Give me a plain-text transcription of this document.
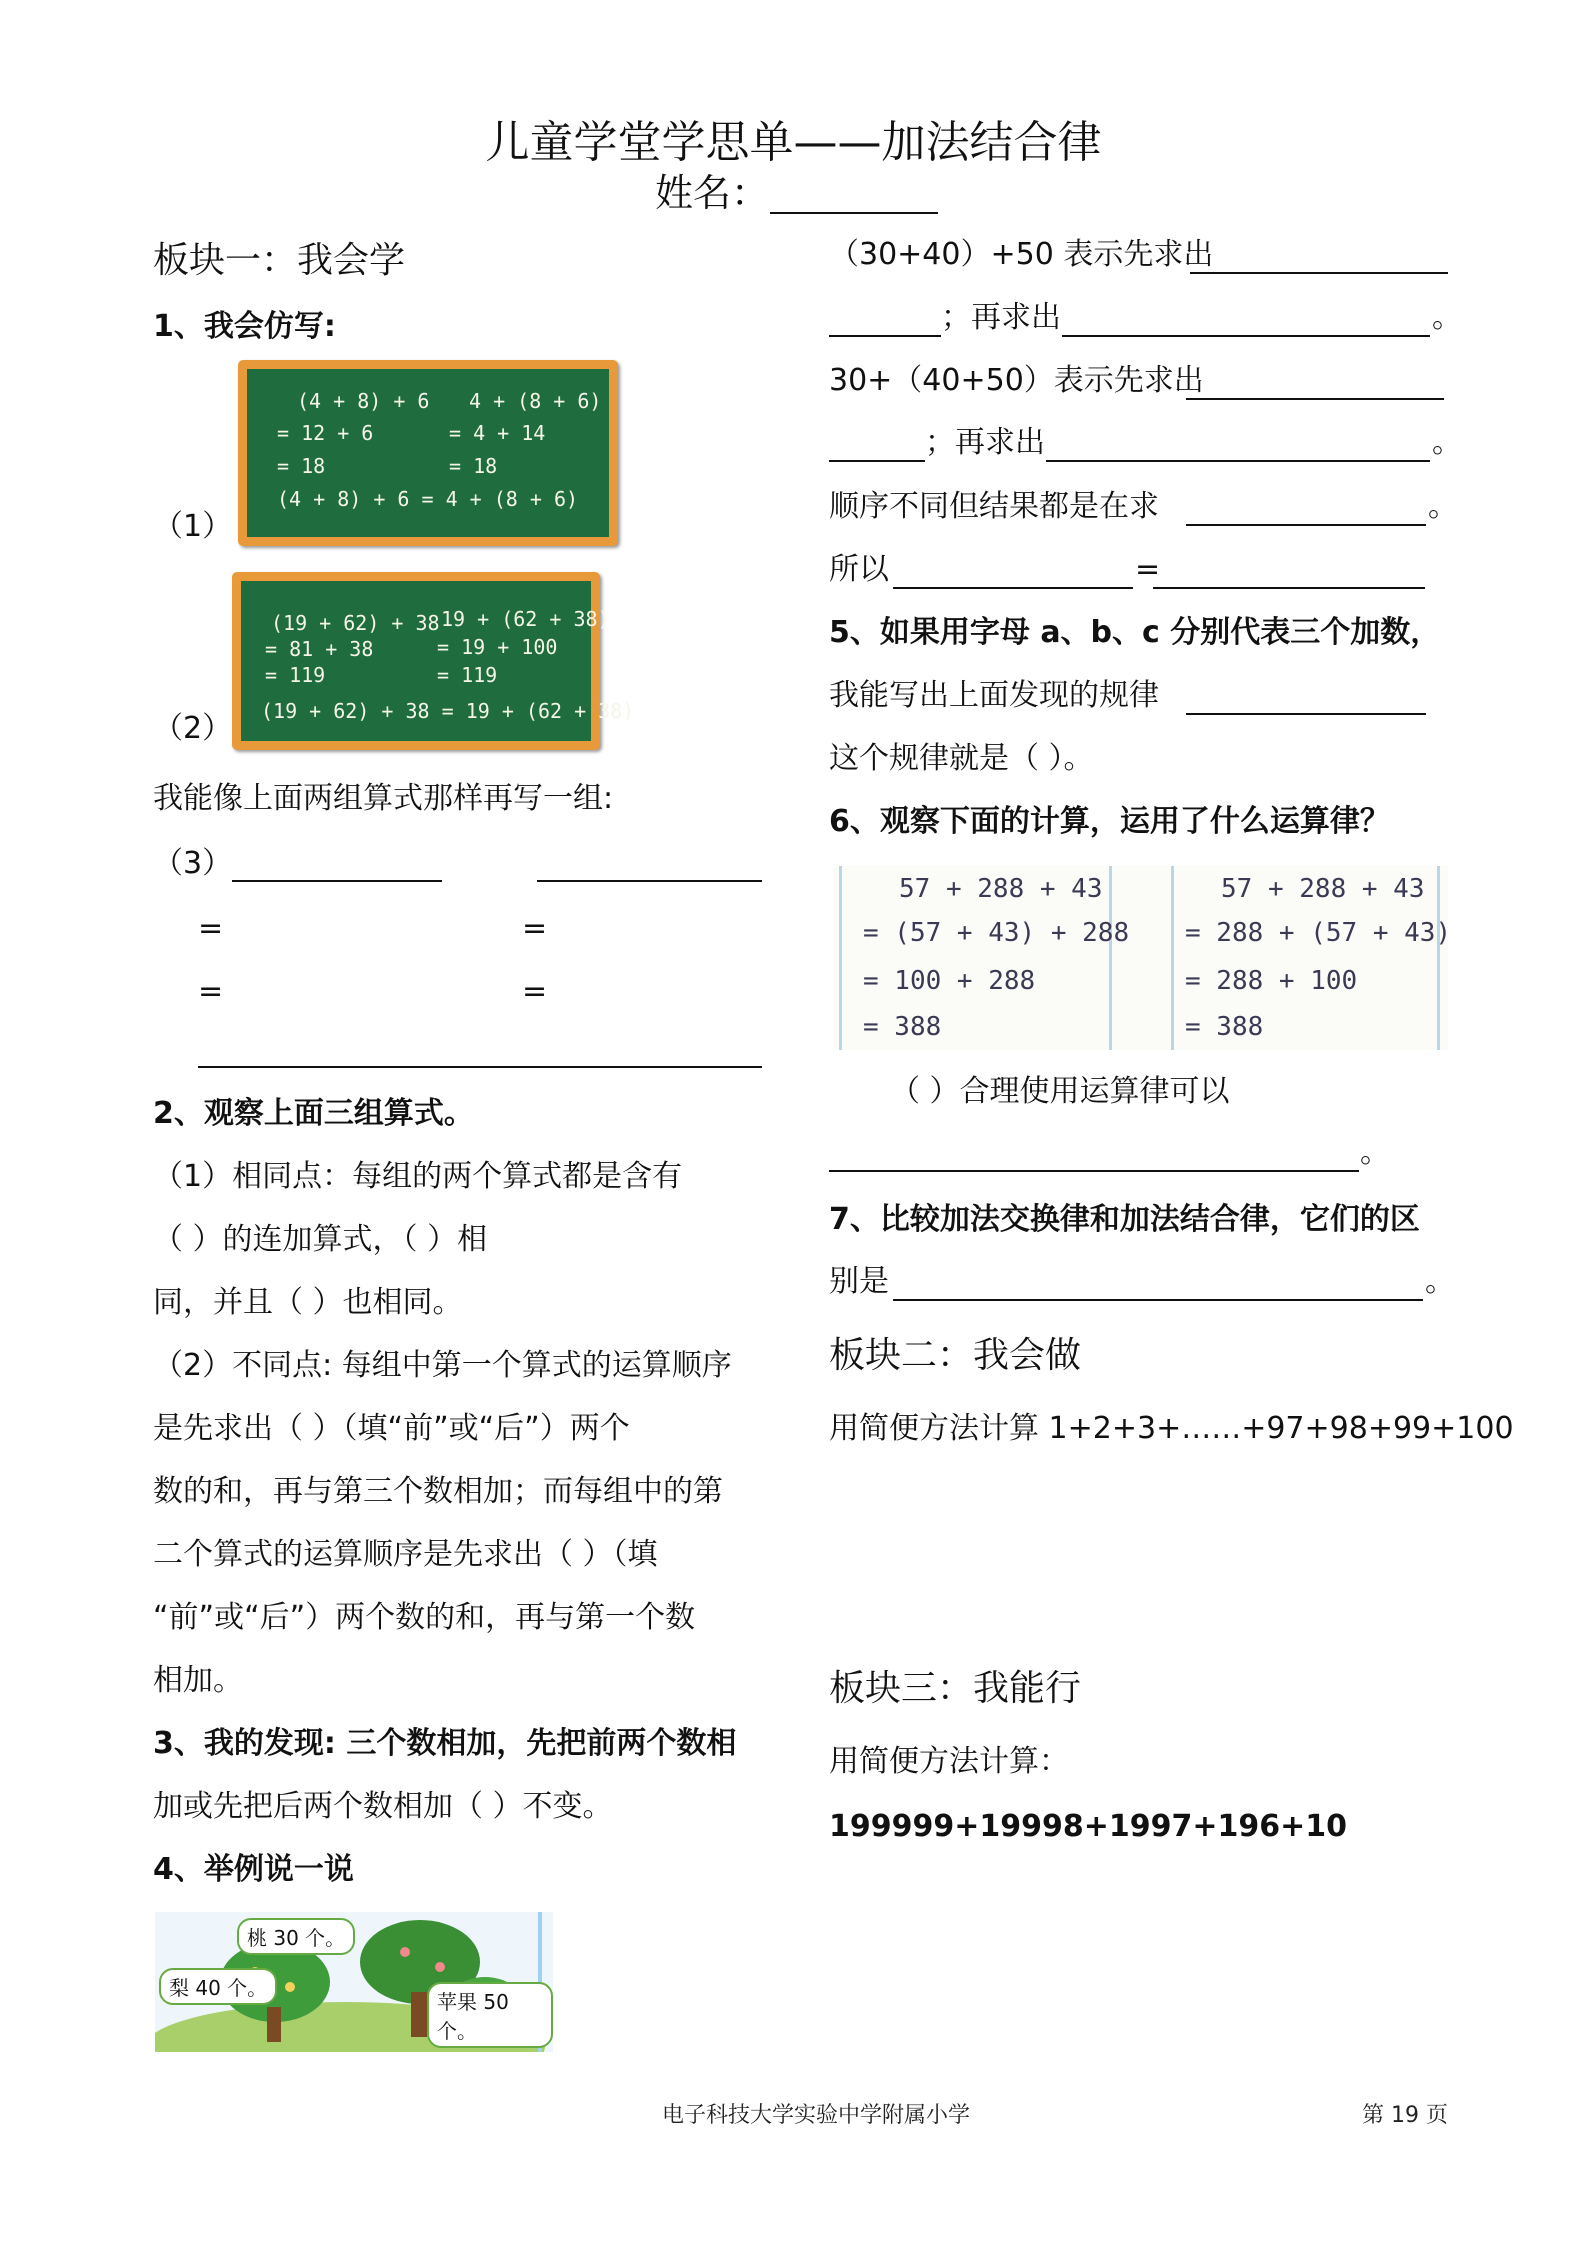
儿童学堂学思单——加法结合律
姓名：
板块一：我会学
1、我会仿写:
(4 + 8) + 6 4 + (8 + 6)
= 12 + 6	= 4 + 14
= 18	= 18
(4 + 8) + 6 = 4 + (8 + 6)
（1）
(19 + 62) + 38 19 + (62 + 38)
= 81 + 38	= 19 + 100
= 119	= 119
(19 + 62) + 38 = 19 + (62 + 38)
（2）
我能像上面两组算式那样再写一组:
（3）
=	=
=	=
2、观察上面三组算式。
（1）相同点：每组的两个算式都是含有
（ ）的连加算式，（ ）相
同，并且（ ）也相同。
（2）不同点: 每组中第一个算式的运算顺序
是先求出（ ）（填“前”或“后”）两个
数的和，再与第三个数相加；而每组中的第
二个算式的运算顺序是先求出（ ）（填
“前”或“后”）两个数的和，再与第一个数
相加。
3、我的发现: 三个数相加，先把前两个数相
加或先把后两个数相加（ ）不变。
4、举例说一说
桃 30 个。
梨 40 个。
苹果 50 个。
（30+40）+50 表示先求出
；再求出	。
30+（40+50）表示先求出
；再求出	。
顺序不同但结果都是在求	。
所以	=
5、如果用字母 a、b、c 分别代表三个加数，
我能写出上面发现的规律
这个规律就是（ ）。
6、观察下面的计算，运用了什么运算律？
57 + 288 + 43
= (57 + 43) + 288
= 100 + 288
= 388
57 + 288 + 43
= 288 + (57 + 43)
= 288 + 100
= 388
（ ）合理使用运算律可以
。
7、比较加法交换律和加法结合律，它们的区
别是	。
板块二：我会做
用简便方法计算 1+2+3+……+97+98+99+100
板块三：我能行
用简便方法计算：
199999+19998+1997+196+10
电子科技大学实验中学附属小学	第 19 页
